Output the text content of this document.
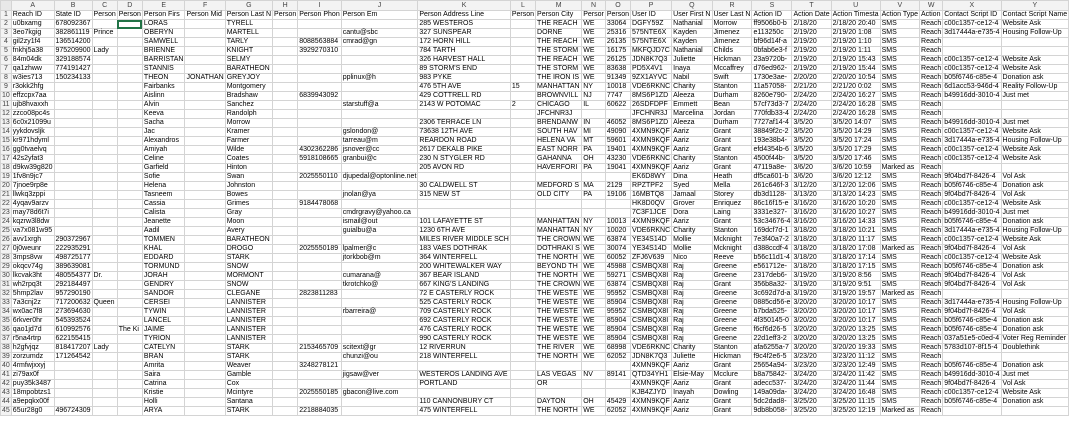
	A	B	C	D	E	F	G	H	I	J	K	L	M	N	O	P	Q	R	S	T	U	V	W	X	Y
1	Reach ID	State ID	Person	Person	Person Firs	Person Mid	Person Last N	Person	Person Phon	Person Em	Person Address Line	Person	Person City	Persor	Person	User ID	User First N	User Last N	Action ID	Action Date	Action Timesta	Action Type	Action	Contact Script ID	Contact Script Name
2	u0bxamg	678092367			LORAS		TYRELL				285 WESTEROS		THE REACH	WE	33064	DGFY59Z	Nathanial	Morrow	ff9506b0-b	2/18/20	2/18/20 20:40	SMS	Reach	c00c1357-ce12-4	Website Ask
3	3eo7kgig	382861119	Prince		OBERYN		MARTELL			cantu@sbc	327 SUNSPEAR		DORNE	WE	25316	575NTE6X	Kayden	Jimenez	e113250c	2/19/20	2/19/20 1:08	SMS	Reach	3d17444a-e735-4	Housing Follow-Up
4	gil2zy1f4	136514200			SAMWELL		TARLY		8088563884	cmrad@gn	172 HORN HILL		THE REACH	WE	26135	575NTE6X	Kayden	Jimenez	bf96d14f-a	2/19/20	2/19/20 1:10	SMS	Reach		
5	fnkhj5a38	975209900	Lady		BRIENNE		KNIGHT		3929270310		784 TARTH		THE STORM	WE	16175	MKFQJD7C	Nathanial	Childs	0bfab6e3-f	2/19/20	2/19/20 1:11	SMS	Reach		
6	84m04dk	329188574			BARRISTAN		SELMY				326 HARVEST HALL		THE REACH	WE	26125	JDN8K7Q3	Juliette	Hickman	23a9720b-	2/19/20	2/19/20 15:43	SMS	Reach	c00c1357-ce12-4	Website Ask
7	qa1zhww	774191427			STANNIS		BARATHEON				89 STORM'S END		THE STORM	WE	83638	PD5X4V1	Inaya	Mccaffrey	d76ed962-	2/19/20	2/19/20 15:44	SMS	Reach	c00c1357-ce12-4	Website Ask
8	w3ies713	150234133			THEON	JONATHAN	GREYJOY			pplinux@h	983 PYKE		THE IRON IS	WE	91349	9ZX1AYVC	Nabil	Swift	1730e3ae-	2/20/20	2/20/20 10:54	SMS	Reach	b05f6746-c85e-4	Donation ask
9	r3okk2hfg				Fairbanks		Montgomery				476 5TH AVE	15	MANHATTAN	NY	10018	VDE6RKNC	Charity	Stanton	11a57058-	2/21/20	2/21/20 0:02	SMS	Reach	6d1acc53-946d-4	Reality Follow-Up
10	effzcpx7aa				Aislinn		Bradshaw		6839943092		429 COTTRELL RD		BROWNVILL	NJ	7747	8MS6P1ZD	Aleeza	Durham	8260e790-	2/24/20	2/24/20 16:27	SMS	Reach	b49916dd-3010-4	Just met
11	ujb8hvaxxh				Alvin		Sanchez			starstuff@a	2143 W POTOMAC	2	CHICAGO	IL	60622	26SDFDPF	Emmett	Bean	57cf73d3-7	2/24/20	2/24/20 16:28	SMS	Reach		
12	zzco08pc4s				Keeva		Randolph						JFCHNR3J			JFCHNR3J	Marcelina	Jordan	770fdb33-4	2/24/20	2/24/20 16:28	SMS	Reach		
13	6c0x21099u				Sacha		Morrow				2306 TERRACE LN		BRENDANW	IN	46052	8MS6P1ZD	Aleeza	Durham	7727af14-4	3/5/20	3/5/20 14:07	SMS	Reach	b49916dd-3010-4	Just met
14	yykdovsljk				Jac		Kramer			gslondon@	73638 12TH AVE		SOUTH HAV	MI	49090	4XMN9KQF	Aariz	Grant	38849f2c-2	3/5/20	3/5/20 14:29	SMS	Reach	c00c1357-ce12-4	Website Ask
15	kr971hdyml				Alexandros		Farmer			tarreau@m	REARDON ROAD		HELENA VA	MT	59601	4XMN9KQF	Aariz	Grant	193e38b4-	3/5/20	3/5/20 17:24	SMS	Reach	3d17444a-e735-4	Housing Follow-Up
16	gg0tvaelvq				Amiyah		Wilde		4302362286	jsnover@cc	2617 DEKALB PIKE		EAST NORR	PA	19401	4XMN9KQF	Aariz	Grant	efd4354b-6	3/5/20	3/5/20 17:29	SMS	Reach	c00c1357-ce12-4	Website Ask
17	42s2yfat3				Celine		Coates		5918108665	granbui@c	230 N STYGLER RD		GAHANNA	OH	43230	VDE6RKNC	Charity	Stanton	4500f44b-	3/5/20	3/5/20 17:46	SMS	Reach	c00c1357-ce12-4	Website Ask
18	d9kw39g820				Garfield		Hinton				205 AVON RD		HAVERFORI	PA	19041	4XMN9KQF	Aariz	Grant	47119a8e-	3/6/20	3/6/20 10:59	Marked as	Reach		
19	1fv8n9jc7				Sofie		Swan		2025550110	djupedal@optonline.net						EK6D8WY	Dina	Heath	df5ca601-b	3/6/20	3/6/20 12:12	SMS	Reach	9f04bd7f-8426-4	Vol Ask
20	7jnoe9rp8e				Helena		Johnston				30 CALDWELL ST		MEDFORD S	MA	2129	RPZTPF2	Syed	Mella	261c646f-3	3/12/20	3/12/20 12:06	SMS	Reach	b05f6746-c85e-4	Donation ask
21	llwkq3zppi				Tasneem		Bowes			jnolan@ya	315 NEW ST		OLD CITY	PA	19106	16MBTQ8	Jamaal	Storey	db3d1128-	3/13/20	3/13/20 14:23	SMS	Reach	9f04bd7f-8426-4	Vol Ask
22	4yqav9arzv				Cassia		Grimes		9184478068							HK8D0QV	Grover	Enriquez	86c16f15-e	3/16/20	3/16/20 10:20	SMS	Reach	c00c1357-ce12-4	Website Ask
23	may78d6t7i				Calista		Gray			cmdrgravy@yahoo.ca						7C3F1JCE	Dora	Laing	3331e327-	3/16/20	3/16/20 10:27	SMS	Reach	b49916dd-3010-4	Just met
24	kqzrw3l8dw				Jeanette		Moon			ismail@out	101 LAFAYETTE ST		MANHATTAN	NY	10013	4XMN9KQF	Aariz	Grant	53c34676-4	3/16/20	3/16/20 14:33	SMS	Reach	b05f6746-c85e-4	Donation ask
25	va7x081w95				Aadil		Avery			guialbu@a	1230 6TH AVE		MANHATTAN	NY	10020	VDE6RKNC	Charity	Stanton	169dcf7d-1	3/18/20	3/18/20 10:21	SMS	Reach	3d17444a-e735-4	Housing Follow-Up
26	avv1xrgh	290372967			TOMMEN		BARATHEON				MILES RIVER MIDDLE SCH		THE CROWN	WE	63874	YE34S14D	Mollie	Mcknight	7e3f40a7-2	3/18/20	3/18/20 11:17	SMS	Reach	c00c1357-ce12-4	Website Ask
27	0j0weunr	222935291			KHAL		DROGO		2025550189	lpalmer@c	183 VAES DOTHRAK		DOTHRAKI S	WE	30074	YE34S14D	Mollie	Mcknight	d388ccdf-4	3/18/20	3/18/20 17:08	Marked as	Reach	9f04bd7f-8426-4	Vol Ask
28	3mps8vw	498725177			EDDARD		STARK			jtorkbob@m	364 WINTERFELL		THE NORTH	WE	60052	ZFJ6V639	Nico	Reeve	b56c11d1-4	3/18/20	3/18/20 17:14	SMS	Reach	c00c1357-ce12-4	Website Ask
29	okqcv74g	389639081			TORMUND		SNOW				200 WHITEWALKER WAY		BEYOND TH	WE	45988	CSMBQX8I	Raj	Greene	e561712e-	3/18/20	3/18/20 17:15	SMS	Reach	b05f6746-c85e-4	Donation ask
30	lkcvak3ht	480554377	Dr.		JORAH		MORMONT			cumarana@	367 BEAR ISLAND		THE NORTH	WE	59271	CSMBQX8I	Raj	Greene	2317deb6-	3/19/20	3/19/20 8:56	SMS	Reach	9f04bd7f-8426-4	Vol Ask
31	wh2rpq3t	292184497			GENDRY		SNOW			tkrotchko@	667 KING'S LANDING		THE CROWN	WE	63874	CSMBQX8I	Raj	Grant	356b8a32-	3/19/20	3/19/20 9:51	SMS	Reach	9f04bd7f-8426-4	Vol Ask
32	5hmp2lav	957290190			SANDOR		CLEGANE		2823811283		72 E CASTERLY ROCK		THE WESTE	WE	95952	CSMBQX8I	Raj	Greene	3c692d7d-a	3/19/20	3/19/20 19:57	Marked as	Reach		
33	7a3cnj2z	717200632	Queen		CERSEI		LANNISTER				525 CASTERLY ROCK		THE WESTE	WE	85904	CSMBQX8I	Raj	Greene	0885cd56-e	3/20/20	3/20/20 10:17	SMS	Reach	3d17444a-e735-4	Housing Follow-Up
34	wx0ac7f8	273694630			TYWIN		LANNISTER			rbarreira@	709 CASTERLY ROCK		THE WESTE	WE	95952	CSMBQX8I	Raj	Greene	b7bda525-	3/20/20	3/20/20 10:17	SMS	Reach	9f04bd7f-8426-4	Vol Ask
35	6rkver0hr	545393524			LANCEL		LANNISTER				692 CASTERLY ROCK		THE WESTE	WE	85904	CSMBQX8I	Raj	Greene	4f350145-0	3/20/20	3/20/20 10:17	SMS	Reach	b05f6746-c85e-4	Donation ask
36	qao1jd7d	610992576		The Ki	JAIME		LANNISTER				476 CASTERLY ROCK		THE WESTE	WE	85904	CSMBQX8I	Raj	Greene	f6cf6d26-5	3/20/20	3/20/20 13:25	SMS	Reach	b05f6746-c85e-4	Donation ask
37	r5na4rtrp	622155415			TYRION		LANNISTER				990 CASTERLY ROCK		THE WESTE	WE	85904	CSMBQX8I	Raj	Greene	22d1eff3-2	3/20/20	3/20/20 13:25	SMS	Reach	037a51e5-c0ed-4	Voter Reg Reminder
38	h2gfvjqz	818417207	Lady		CATELYN		STARK		2153465709	scitext@gr	12 RIVERRUN		THE RIVER	WE	68998	VDE6RKNC	Charity	Stanton	afa6255a-7	3/20/20	3/20/20 19:33	SMS	Reach	5783d107-8f15-4	Doublethink
39	zorzumdz	171264542			BRAN		STARK			chunzi@ou	218 WINTERFELL		THE NORTH	WE	62052	JDN8K7Q3	Juliette	Hickman	f9c4f2e6-5	3/23/20	3/23/20 11:12	SMS	Reach		
40	4rmfwjxxyj				Amrita		Weaver		3248278121							4XMN9KQF	Aariz	Grant	25654a94-	3/23/20	3/23/20 12:49	SMS	Reach	b05f6746-c85e-4	Donation ask
41	zi79ax0f				Saira		Gamble			jigsaw@ver	WESTEROS LANDING AVE		LAS VEGAS	NV	89141	QTD34YH1	Elsie-May	Mcclure	b8a75842-	3/24/20	3/24/20 11:42	SMS	Reach	b49916dd-3010-4	Just met
42	puy35k3487				Catrina		Cox				PORTLAND		OR			4XMN9KQF	Aariz	Grant	adecc537-	3/24/20	3/24/20 11:44	SMS	Reach	9f04bd7f-8426-4	Vol Ask
43	18mpobtzs1				Kristie		Mcintyre		2025550185	gbacon@live.com						KJB4ZJYD	Inayah	Dowling	149a09da-	3/24/20	3/24/20 16:48	SMS	Reach	c00c1357-ce12-4	Website Ask
44	a9epqkx00f				Holli		Santana				110 CANNONBURY CT		DAYTON	OH	45429	4XMN9KQF	Aariz	Grant	5dc2dad8-	3/25/20	3/25/20 11:15	SMS	Reach	b05f6746-c85e-4	Donation ask
45	65ur28g0	496724309			ARYA		STARK		2218884035		475 WINTERFELL		THE NORTH	WE	62052	4XMN9KQF	Aariz	Grant	9db8b058-	3/25/20	3/25/20 12:19	Marked as	Reach		
